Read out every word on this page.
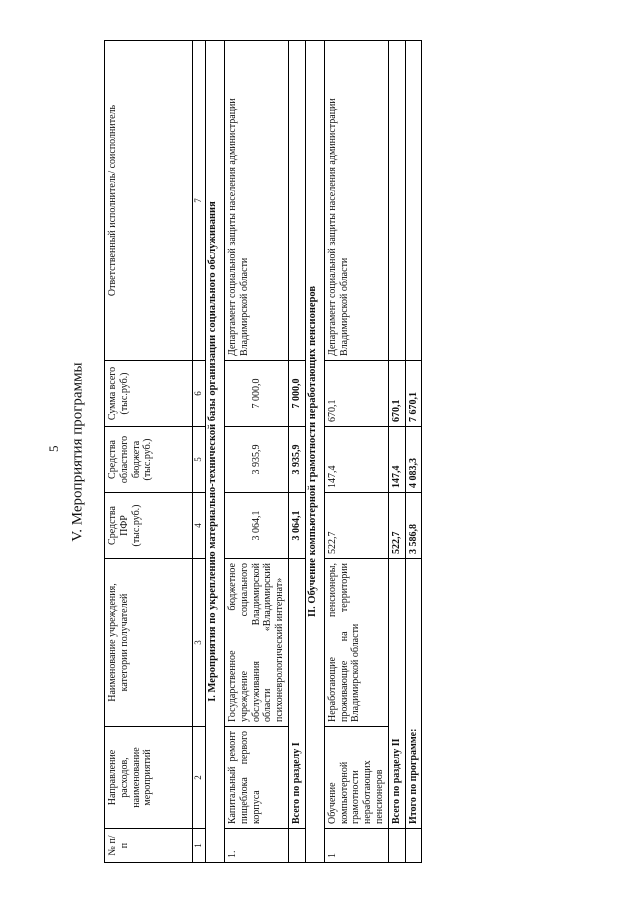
5 V. Мероприятия программы
№ п/п	Направление расходов, наименование мероприятий	Наименование учреждения, категории получателей	Средства ПФР (тыс.руб.)	Средства областного бюджета (тыс.руб.)	Сумма всего (тыс.руб.)	Ответственный исполнитель/ соисполнитель
1	2	3	4	5	6	7
I. Мероприятия по укреплению материально-технической базы организации социального обслуживания						
1.	Капитальный ремонт пищеблока первого корпуса	Государственное бюджетное учреждение социального обслуживания Владимирской области «Владимирский психоневрологический интернат»	3 064,1	3 935,9	7 000,0	Департамент социальной защиты населения администрации Владимирской области
	Всего по разделу I		3 064,1	3 935,9	7 000,0	
II. Обучение компьютерной грамотности неработающих пенсионеров						
1	Обучение компьютерной грамотности неработающих пенсионеров	Неработающие пенсионеры, проживающие на территории Владимирской области	522,7	147,4	670,1	Департамент социальной защиты населения администрации Владимирской области
	Всего по разделу II		522,7	147,4	670,1	
	Итого по программе:		3 586,8	4 083,3	7 670,1	
